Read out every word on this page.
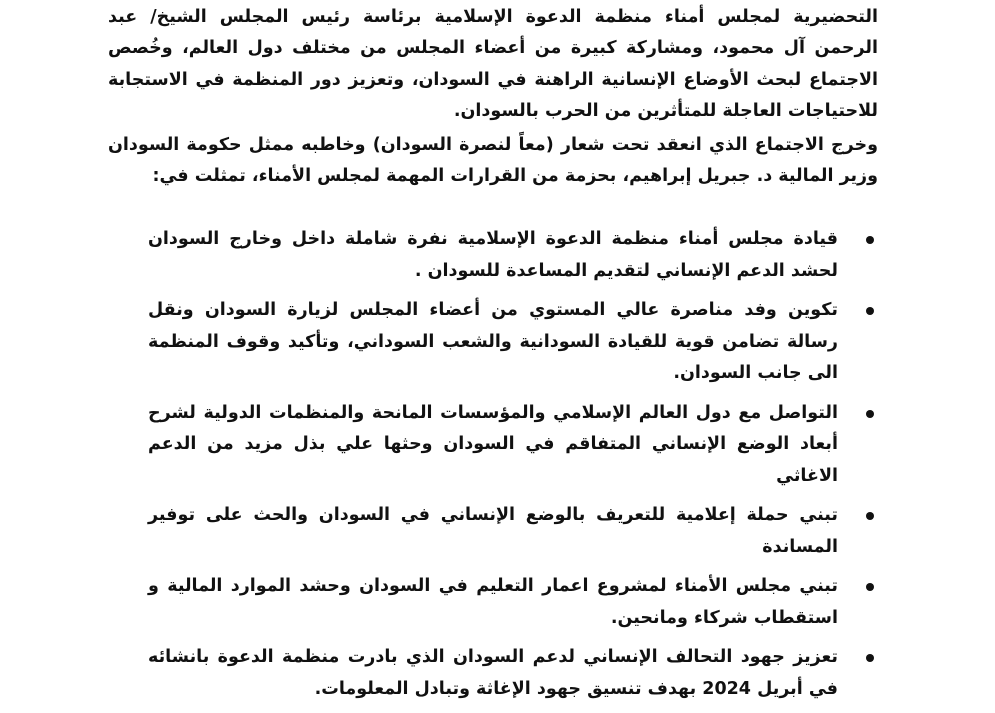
التحضيرية لمجلس أمناء منظمة الدعوة الإسلامية برئاسة رئيس المجلس الشيخ/ عبد الرحمن آل محمود، ومشاركة كبيرة من أعضاء المجلس من مختلف دول العالم، وخُصص الاجتماع لبحث الأوضاع الإنسانية الراهنة في السودان، وتعزيز دور المنظمة في الاستجابة للاحتياجات العاجلة للمتأثرين من الحرب بالسودان.

وخرج الاجتماع الذي انعقد تحت شعار (معاً لنصرة السودان) وخاطبه ممثل حكومة السودان وزير المالية د. جبريل إبراهيم، بحزمة من القرارات المهمة لمجلس الأمناء، تمثلت في:

قيادة مجلس أمناء منظمة الدعوة الإسلامية نفرة شاملة داخل وخارج السودان لحشد الدعم الإنساني لتقديم المساعدة للسودان .
تكوين وفد مناصرة عالي المستوي من أعضاء المجلس لزيارة السودان ونقل رسالة تضامن قوية للقيادة السودانية والشعب السوداني، وتأكيد وقوف المنظمة الى جانب السودان.
التواصل مع دول العالم الإسلامي والمؤسسات المانحة والمنظمات الدولية لشرح أبعاد الوضع الإنساني المتفاقم في السودان وحثها علي بذل مزيد من الدعم الاغاثي
تبني حملة إعلامية للتعريف بالوضع الإنساني في السودان والحث على توفير المساندة
تبني مجلس الأمناء لمشروع اعمار التعليم في السودان وحشد الموارد المالية و استقطاب شركاء ومانحين.
تعزيز جهود التحالف الإنساني لدعم السودان الذي بادرت منظمة الدعوة بانشائه في أبريل 2024 بهدف تنسيق جهود الإغاثة وتبادل المعلومات.
